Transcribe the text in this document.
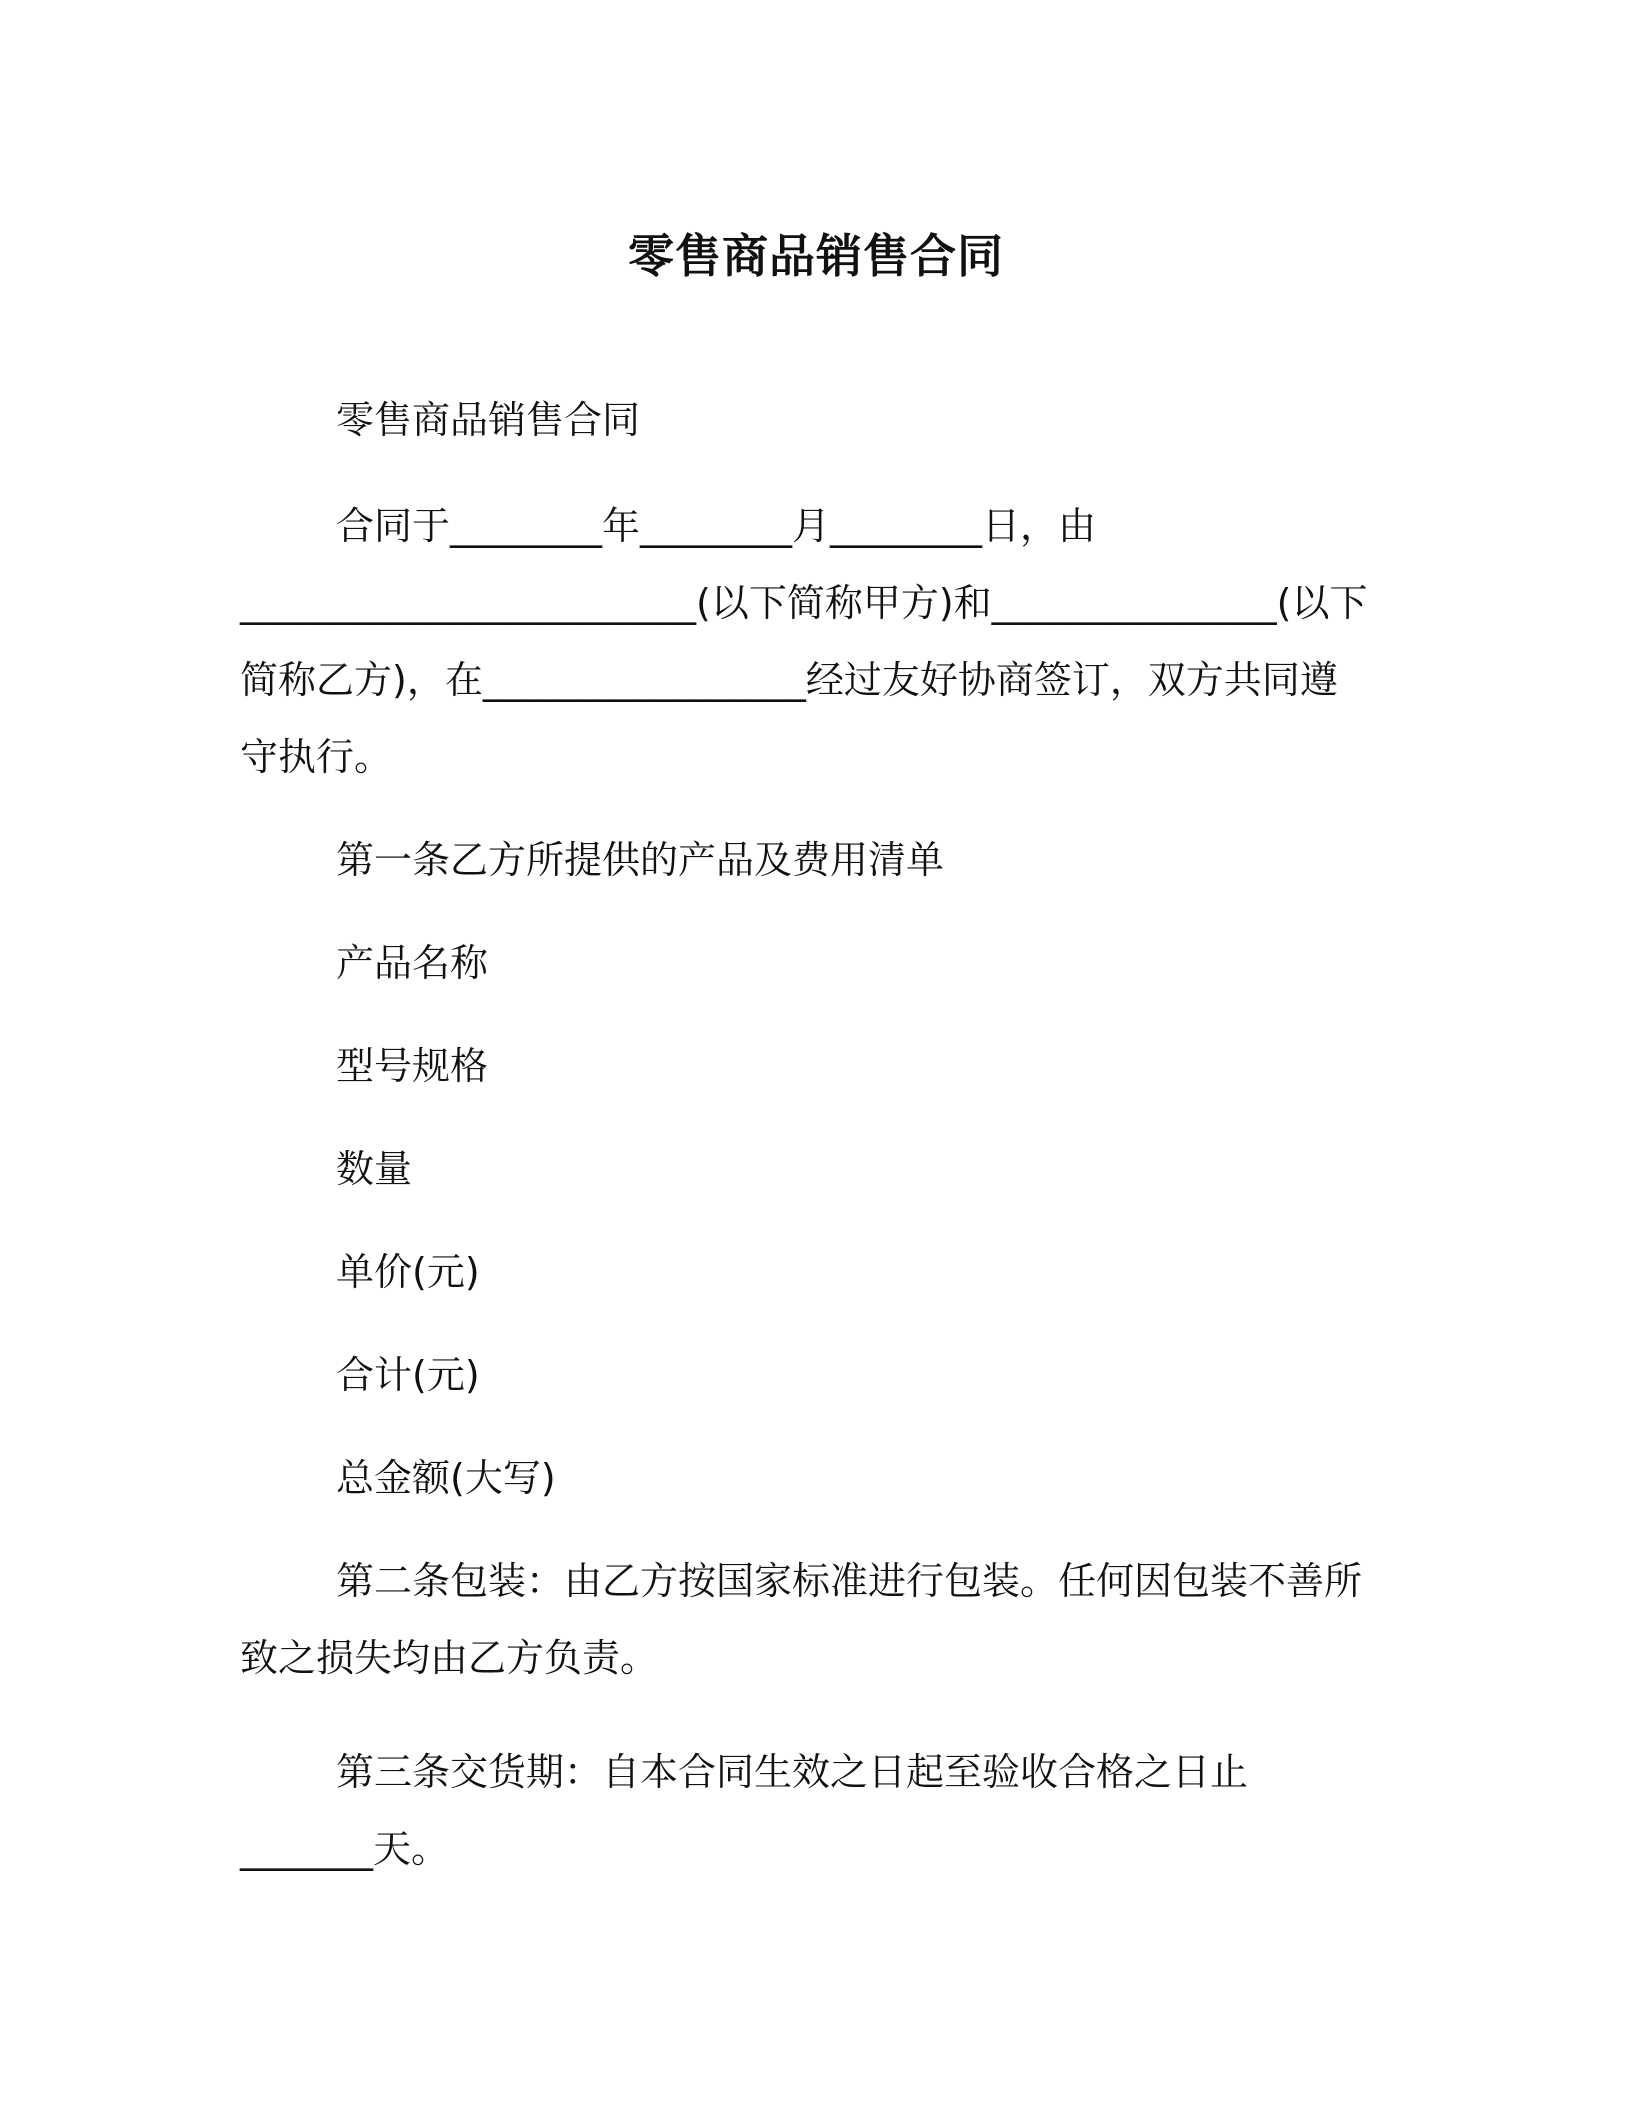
零售商品销售合同

零售商品销售合同

合同于________年________月________日，由________________________(以下简称甲方)和_______________(以下简称乙方)，在_________________经过友好协商签订，双方共同遵守执行。

第一条乙方所提供的产品及费用清单

产品名称

型号规格

数量

单价(元)

合计(元)

总金额(大写)

第二条包装：由乙方按国家标准进行包装。任何因包装不善所致之损失均由乙方负责。

第三条交货期：自本合同生效之日起至验收合格之日止_______天。
